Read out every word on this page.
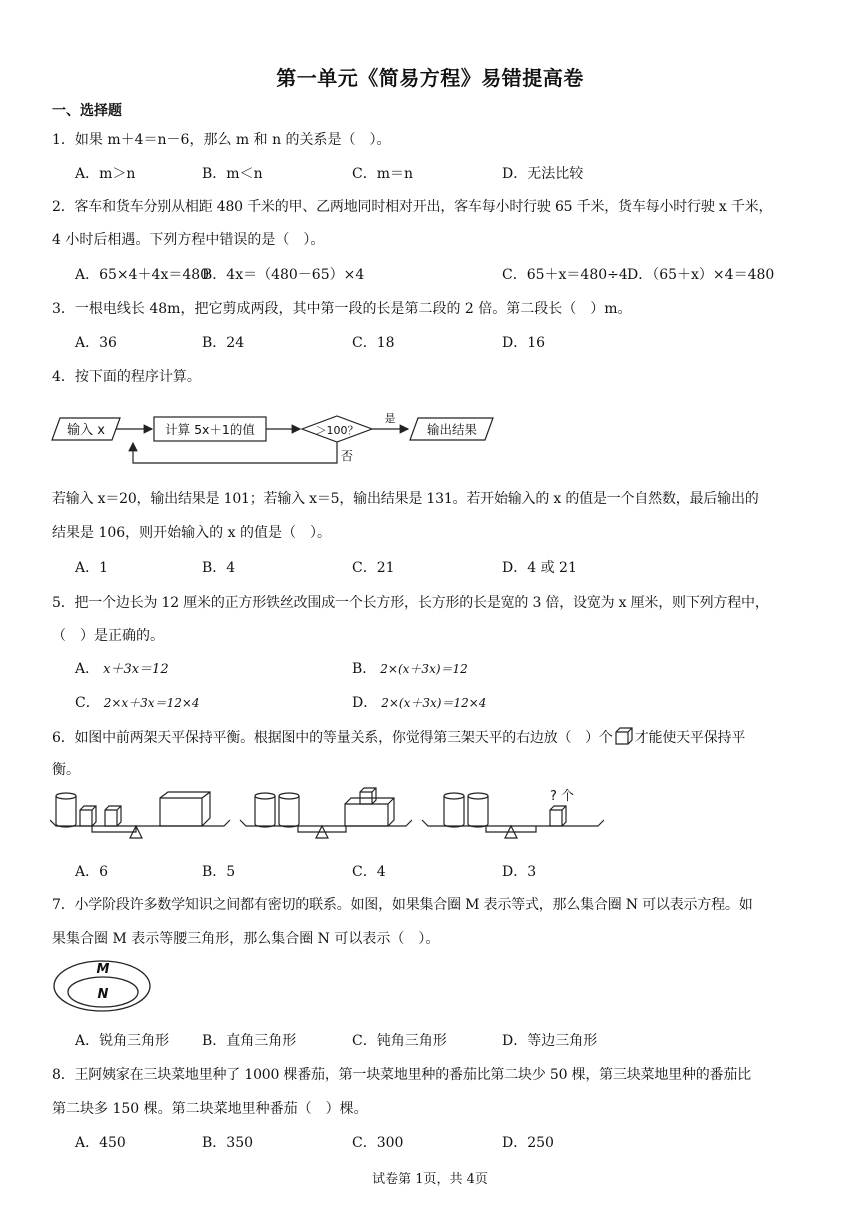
第一单元《简易方程》易错提高卷
一、选择题
1．如果 m＋4＝n－6，那么 m 和 n 的关系是（　）。
A．m＞n	B．m＜n	C．m＝n	D．无法比较
2．客车和货车分别从相距 480 千米的甲、乙两地同时相对开出，客车每小时行驶 65 千米，货车每小时行驶 x 千米，
4 小时后相遇。下列方程中错误的是（　）。
A．65×4＋4x＝480
B．4x＝（480－65）×4	C．65＋x＝480÷4 D．（65＋x）×4＝480
3．一根电线长 48m，把它剪成两段，其中第一段的长是第二段的 2 倍。第二段长（　）m。
A．36	B．24	C．18	D．16
4．按下面的程序计算。
输入 x	计算 5x＋1的值	＞100？
是
输出结果
否
若输入 x＝20，输出结果是 101；若输入 x＝5，输出结果是 131。若开始输入的 x 的值是一个自然数，最后输出的
结果是 106，则开始输入的 x 的值是（　）。
A．1	B．4	C．21	D．4 或 21
5．把一个边长为 12 厘米的正方形铁丝改围成一个长方形，长方形的长是宽的 3 倍，设宽为 x 厘米，则下列方程中，
（　）是正确的。
A． x＋3x＝12	B． 2×(x＋3x)＝12
C． 2×x＋3x＝12×4	D． 2×(x＋3x)＝12×4
6．如图中前两架天平保持平衡。根据图中的等量关系，你觉得第三架天平的右边放（　）个 才能使天平保持平
衡。
? 个
A．6	B．5	C．4	D．3
7．小学阶段许多数学知识之间都有密切的联系。如图，如果集合圈 M 表示等式，那么集合圈 N 可以表示方程。如
果集合圈 M 表示等腰三角形，那么集合圈 N 可以表示（　）。
M
N
A．锐角三角形 B．直角三角形	C．钝角三角形	D．等边三角形
8．王阿姨家在三块菜地里种了 1000 棵番茄，第一块菜地里种的番茄比第二块少 50 棵，第三块菜地里种的番茄比
第二块多 150 棵。第二块菜地里种番茄（　）棵。
A．450	B．350	C．300	D．250
试卷第 1页，共 4页
